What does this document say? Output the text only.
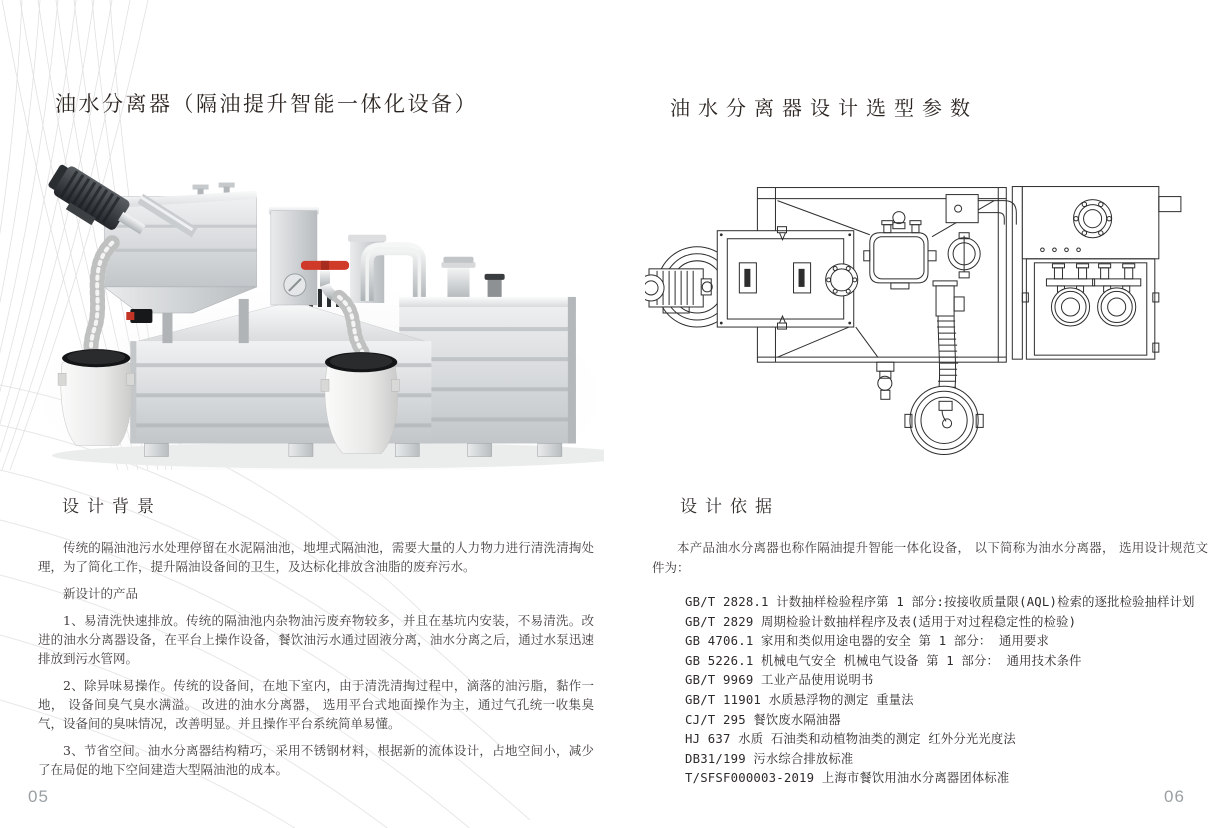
油水分离器（隔油提升智能一体化设备）
设计背景

传统的隔油池污水处理停留在水泥隔油池，地埋式隔油池，需要大量的人力物力进行清洗清掏处理，为了简化工作，提升隔油设备间的卫生，及达标化排放含油脂的废弃污水。

新设计的产品

1、易清洗快速排放。传统的隔油池内杂物油污废弃物较多，并且在基坑内安装，不易清洗。改进的油水分离器设备，在平台上操作设备，餐饮油污水通过固液分离，油水分离之后，通过水泵迅速排放到污水管网。

2、除异味易操作。传统的设备间，在地下室内，由于清洗清掏过程中，滴落的油污脂，黏作一地， 设备间臭气臭水满溢。 改进的油水分离器， 选用平台式地面操作为主，通过气孔统一收集臭气，设备间的臭味情况，改善明显。并且操作平台系统简单易懂。

3、节省空间。油水分离器结构精巧，采用不锈钢材料，根据新的流体设计，占地空间小，减少了在局促的地下空间建造大型隔油池的成本。

05
油水分离器设计选型参数
设计依据

本产品油水分离器也称作隔油提升智能一体化设备， 以下简称为油水分离器， 选用设计规范文件为：

GB/T 2828.1 计数抽样检验程序第 1 部分:按接收质量限(AQL)检索的逐批检验抽样计划
GB/T 2829 周期检验计数抽样程序及表(适用于对过程稳定性的检验)
GB 4706.1 家用和类似用途电器的安全 第 1 部分： 通用要求
GB 5226.1 机械电气安全 机械电气设备 第 1 部分： 通用技术条件
GB/T 9969 工业产品使用说明书
GB/T 11901 水质悬浮物的测定 重量法
CJ/T 295 餐饮废水隔油器
HJ 637 水质 石油类和动植物油类的测定 红外分光光度法
DB31/199 污水综合排放标准
T/SFSF000003-2019 上海市餐饮用油水分离器团体标准
06
